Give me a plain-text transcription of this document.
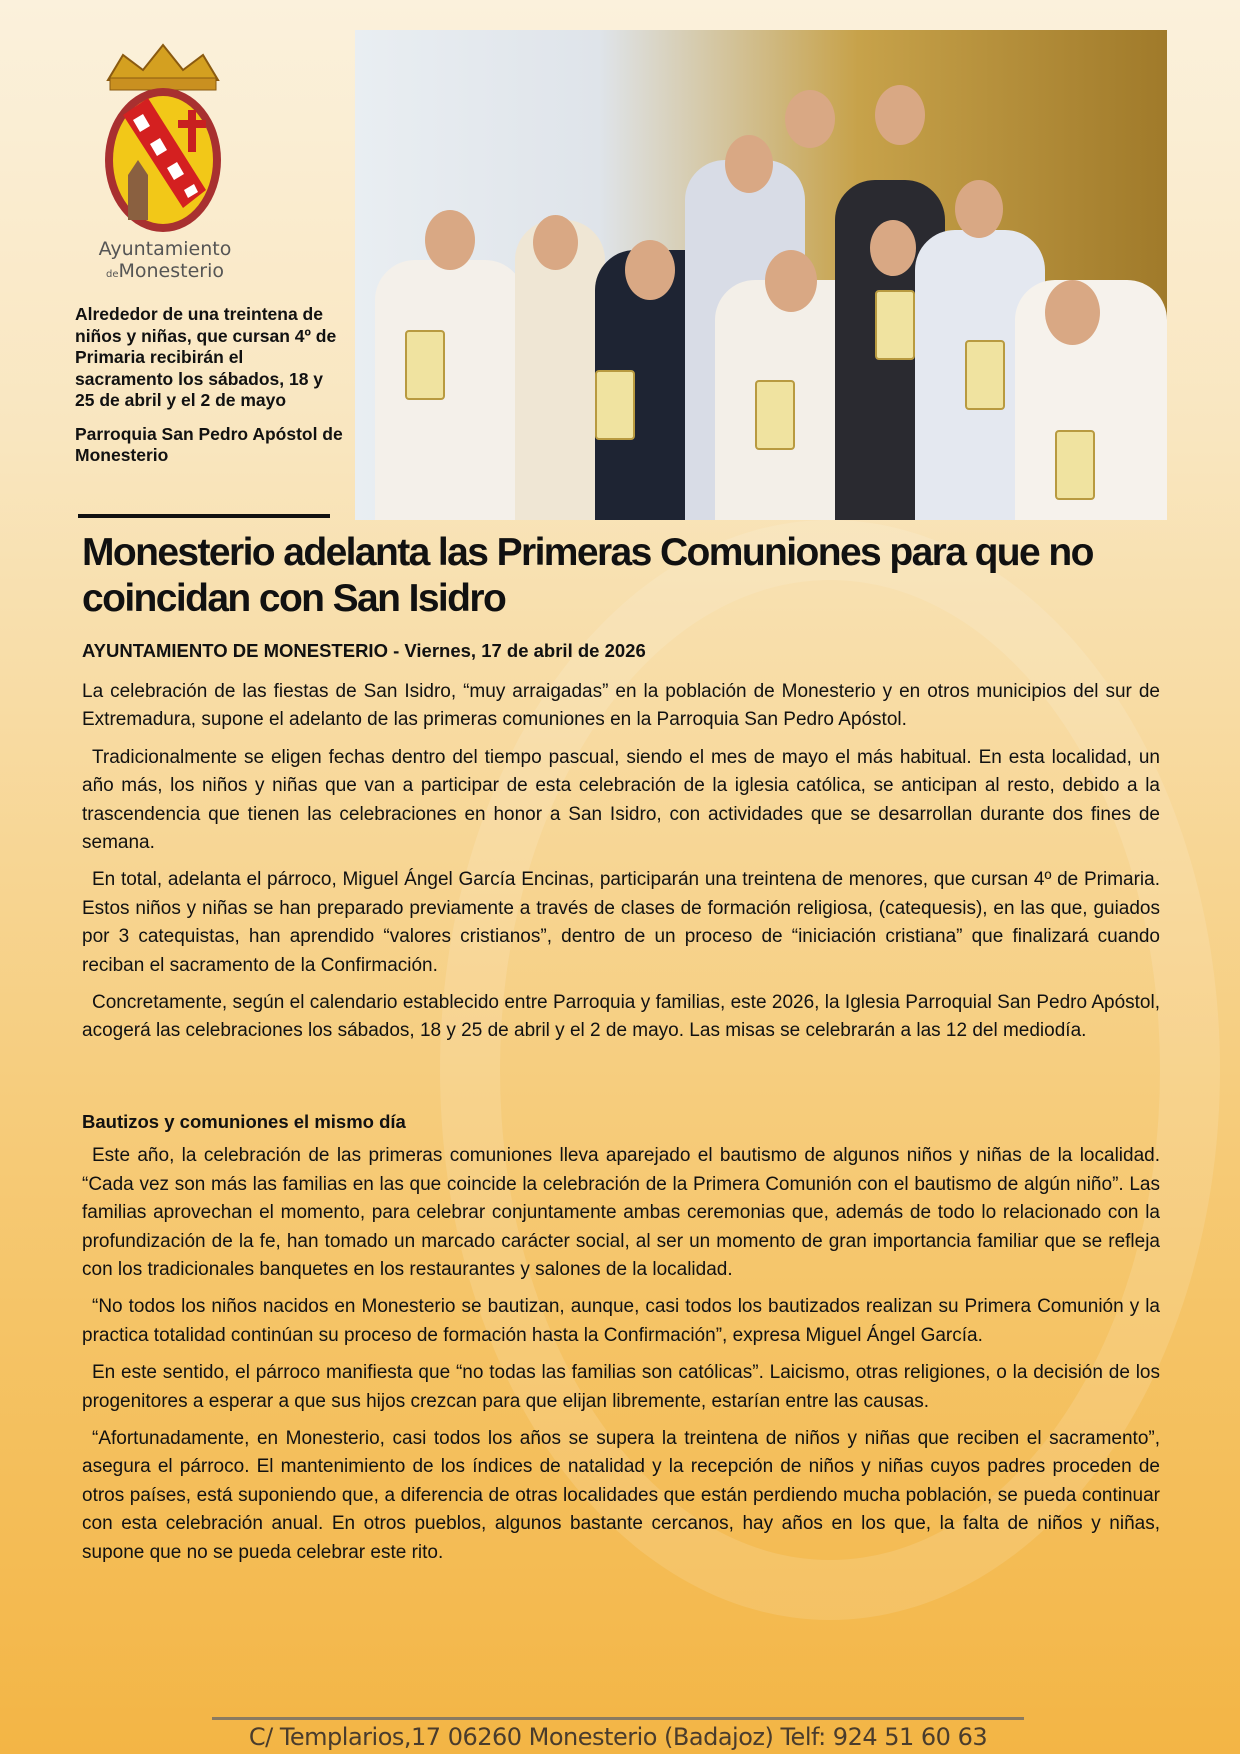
Ayuntamiento
deMonesterio

Alrededor de una treintena de niños y niñas, que cursan 4º de Primaria recibirán el sacramento los sábados, 18 y 25 de abril y el 2 de mayo

Parroquia San Pedro Apóstol de Monesterio

Monesterio adelanta las Primeras Comuniones para que no coincidan con San Isidro
AYUNTAMIENTO DE MONESTERIO - Viernes, 17 de abril de 2026

La celebración de las fiestas de San Isidro, “muy arraigadas” en la población de Monesterio y en otros municipios del sur de Extremadura, supone el adelanto de las primeras comuniones en la Parroquia San Pedro Apóstol.

Tradicionalmente se eligen fechas dentro del tiempo pascual, siendo el mes de mayo el más habitual. En esta localidad, un año más, los niños y niñas que van a participar de esta celebración de la iglesia católica, se anticipan al resto, debido a la trascendencia que tienen las celebraciones en honor a San Isidro, con actividades que se desarrollan durante dos fines de semana.

En total, adelanta el párroco, Miguel Ángel García Encinas, participarán una treintena de menores, que cursan 4º de Primaria. Estos niños y niñas se han preparado previamente a través de clases de formación religiosa, (catequesis), en las que, guiados por 3 catequistas, han aprendido “valores cristianos”, dentro de un proceso de “iniciación cristiana” que finalizará cuando reciban el sacramento de la Confirmación.

Concretamente, según el calendario establecido entre Parroquia y familias, este 2026, la Iglesia Parroquial San Pedro Apóstol, acogerá las celebraciones los sábados, 18 y 25 de abril y el 2 de mayo. Las misas se celebrarán a las 12 del mediodía.

Bautizos y comuniones el mismo día

Este año, la celebración de las primeras comuniones lleva aparejado el bautismo de algunos niños y niñas de la localidad. “Cada vez son más las familias en las que coincide la celebración de la Primera Comunión con el bautismo de algún niño”. Las familias aprovechan el momento, para celebrar conjuntamente ambas ceremonias que, además de todo lo relacionado con la profundización de la fe, han tomado un marcado carácter social, al ser un momento de gran importancia familiar que se refleja con los tradicionales banquetes en los restaurantes y salones de la localidad.

“No todos los niños nacidos en Monesterio se bautizan, aunque, casi todos los bautizados realizan su Primera Comunión y la practica totalidad continúan su proceso de formación hasta la Confirmación”, expresa Miguel Ángel García.

En este sentido, el párroco manifiesta que “no todas las familias son católicas”. Laicismo, otras religiones, o la decisión de los progenitores a esperar a que sus hijos crezcan para que elijan libremente, estarían entre las causas.

“Afortunadamente, en Monesterio, casi todos los años se supera la treintena de niños y niñas que reciben el sacramento”, asegura el párroco. El mantenimiento de los índices de natalidad y la recepción de niños y niñas cuyos padres proceden de otros países, está suponiendo que, a diferencia de otras localidades que están perdiendo mucha población, se pueda continuar con esta celebración anual. En otros pueblos, algunos bastante cercanos, hay años en los que, la falta de niños y niñas, supone que no se pueda celebrar este rito.

C/ Templarios,17 06260 Monesterio (Badajoz) Telf: 924 51 60 63
